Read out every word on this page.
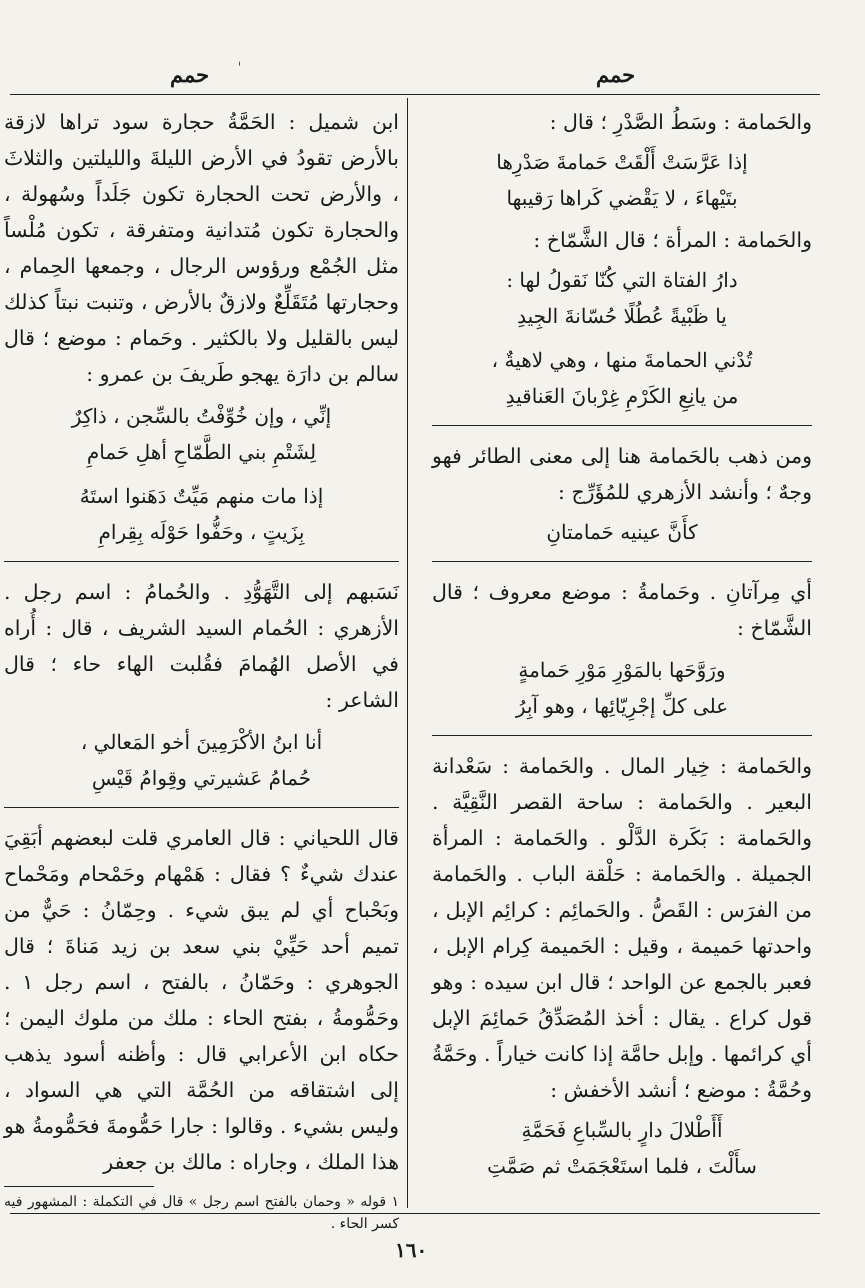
حمم
حمم

والحَمامة : وسَطُ الصَّدْرِ ؛ قال :

إذا عَرَّسَتْ أَلْقَتْ حَمامةَ صَدْرِها
بتَيْهاءَ ، لا يَقْضي كَراها رَقيبها

والحَمامة : المرأة ؛ قال الشَّمّاخ :

دارُ الفتاة التي كُنّا نَقولُ لها :
يا ظَبْيةً عُطُلًا حُسّانةَ الجِيدِ
تُدْني الحمامةَ منها ، وهي لاهيةٌ ،
من يانِعِ الكَرْمِ غِرْبانَ العَناقيدِ

ومن ذهب بالحَمامة هنا إلى معنى الطائر فهو وجهٌ ؛ وأنشد الأزهري للمُؤَرِّج :

كأَنَّ عينيه حَمامتانِ

أي مِرآتانِ . وحَمامةُ : موضع معروف ؛ قال الشَّمّاخ :

ورَوَّحَها بالمَوْرِ مَوْرِ حَمامةٍ
على كلِّ إجْرِيّائِها ، وهو آبِرُ

والحَمامة : خِيار المال . والحَمامة : سَعْدانة البعير . والحَمامة : ساحة القصر النَّقِيَّة . والحَمامة : بَكَرة الدَّلْو . والحَمامة : المرأة الجميلة . والحَمامة : حَلْقة الباب . والحَمامة من الفرَس : القَصُّ . والحَمائِم : كرائِم الإبل ، واحدتها حَميمة ، وقيل : الحَميمة كِرام الإبل ، فعبر بالجمع عن الواحد ؛ قال ابن سيده : وهو قول كراع . يقال : أخذ المُصَدِّقُ حَمائِمَ الإبل أي كرائمها . وإبل حامَّة إذا كانت خياراً . وحَمَّةُ وحُمَّةُ : موضع ؛ أنشد الأخفش :

أَأَطْلالَ دارٍ بالسِّباعِ فَحَمَّةِ
سأَلْتَ ، فلما استَعْجَمَتْ ثم صَمَّتِ

ابن شميل : الحَمَّةُ حجارة سود تراها لازقة بالأرض تقودُ في الأرض الليلةَ والليلتين والثلاثَ ، والأرض تحت الحجارة تكون جَلَداً وسُهولة ، والحجارة تكون مُتدانية ومتفرقة ، تكون مُلْساً مثل الجُمْع ورؤوس الرجال ، وجمعها الحِمام ، وحجارتها مُتَقَلِّعٌ ولازقٌ بالأرض ، وتنبت نبتاً كذلك ليس بالقليل ولا بالكثير . وحَمام : موضع ؛ قال سالم بن دارَة يهجو طَريفَ بن عمرو :

إنِّي ، وإن خُوِّفْتُ بالسِّجن ، ذاكِرٌ
لِشَتْمِ بني الطَّمّاحِ أهلِ حَمامِ
إذا مات منهم مَيِّتٌ دَهَنوا استَهُ
بِزَيتٍ ، وحَفُّوا حَوْلَه بِقِرامِ

نَسَبهم إلى التَّهَوُّدِ . والحُمامُ : اسم رجل . الأزهري : الحُمام السيد الشريف ، قال : أُراه في الأصل الهُمامَ فقُلبت الهاء حاء ؛ قال الشاعر :

أنا ابنُ الأكْرَمِينَ أخو المَعالي ،
حُمامُ عَشيرتي وقِوامُ قَيْسِ

قال اللحياني : قال العامري قلت لبعضهم أبَقِيَ عندك شيءٌ ؟ فقال : هَمْهام وحَمْحام ومَحْماح وبَحْباح أي لم يبق شيء . وحِمّانُ : حَيٌّ من تميم أحد حَيِّيْ بني سعد بن زيد مَناةَ ؛ قال الجوهري : وحَمّانُ ، بالفتح ، اسم رجل ١ . وحَمُّومةُ ، بفتح الحاء : ملك من ملوك اليمن ؛ حكاه ابن الأعرابي قال : وأظنه أسود يذهب إلى اشتقاقه من الحُمَّة التي هي السواد ، وليس بشيء . وقالوا : جارا حَمُّومةَ فحَمُّومةُ هو هذا الملك ، وجاراه : مالك بن جعفر

١ قوله « وحمان بالفتح اسم رجل » قال في التكملة : المشهور فيه كسر الحاء .

١٦٠
